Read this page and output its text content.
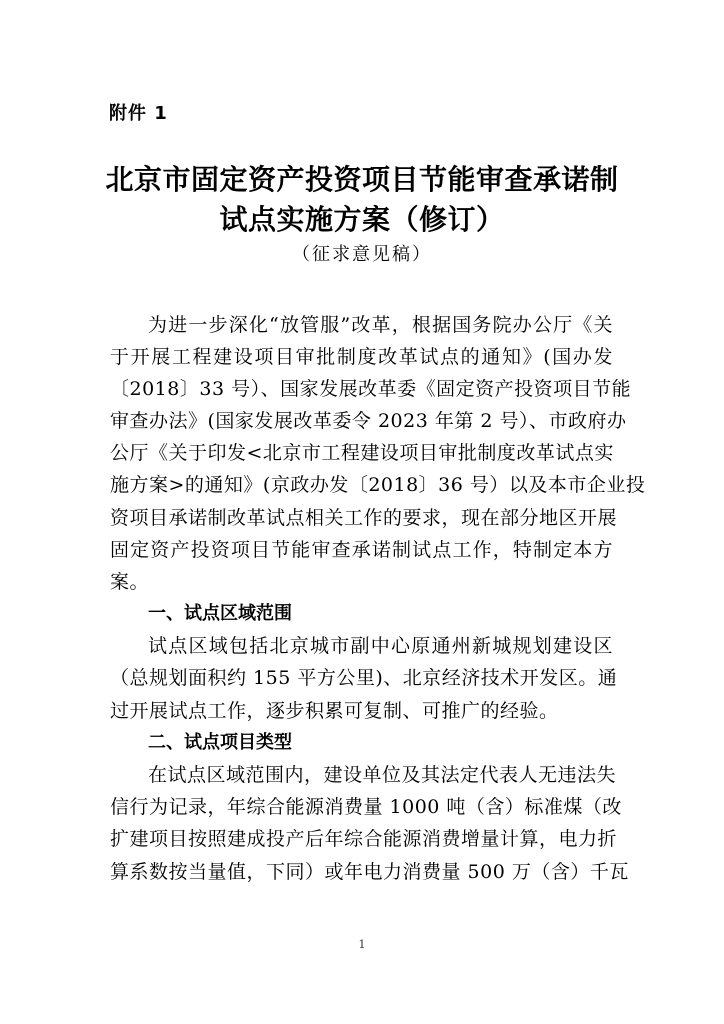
附件 1
北京市固定资产投资项目节能审查承诺制
试点实施方案（修订）
（征求意见稿）
为进一步深化“放管服”改革，根据国务院办公厅《关
于开展工程建设项目审批制度改革试点的通知》(国办发
〔2018〕33 号）、国家发展改革委《固定资产投资项目节能
审查办法》(国家发展改革委令 2023 年第 2 号）、市政府办
公厅《关于印发<北京市工程建设项目审批制度改革试点实
施方案>的通知》(京政办发〔2018〕36 号）以及本市企业投
资项目承诺制改革试点相关工作的要求，现在部分地区开展
固定资产投资项目节能审查承诺制试点工作，特制定本方
案。
一、试点区域范围
试点区域包括北京城市副中心原通州新城规划建设区
（总规划面积约 155 平方公里)、北京经济技术开发区。通
过开展试点工作，逐步积累可复制、可推广的经验。
二、试点项目类型
在试点区域范围内，建设单位及其法定代表人无违法失
信行为记录，年综合能源消费量 1000 吨（含）标准煤（改
扩建项目按照建成投产后年综合能源消费增量计算，电力折
算系数按当量值，下同）或年电力消费量 500 万（含）千瓦
1
